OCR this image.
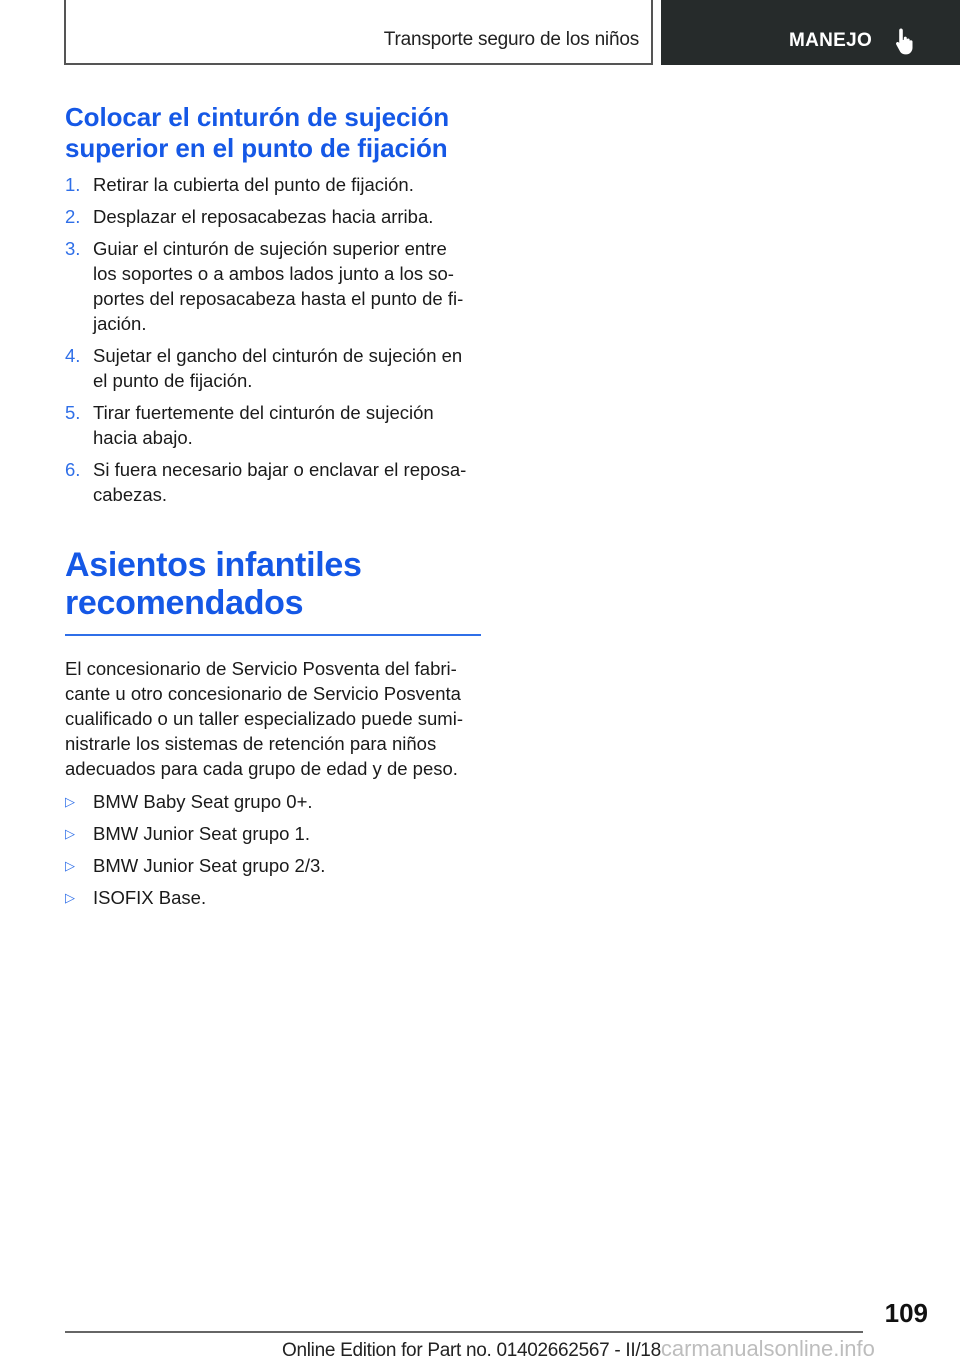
Transporte seguro de los niños	MANEJO
Colocar el cinturón de sujeción
superior en el punto de fijación
1. Retirar la cubierta del punto de fijación.
2. Desplazar el reposacabezas hacia arriba.
3. Guiar el cinturón de sujeción superior entre
los soportes o a ambos lados junto a los so-
portes del reposacabeza hasta el punto de fi-
jación.
4. Sujetar el gancho del cinturón de sujeción en
el punto de fijación.
5. Tirar fuertemente del cinturón de sujeción
hacia abajo.
6. Si fuera necesario bajar o enclavar el reposa-
cabezas.
Asientos infantiles
recomendados

El concesionario de Servicio Posventa del fabri-
cante u otro concesionario de Servicio Posventa
cualificado o un taller especializado puede sumi-
nistrarle los sistemas de retención para niños
adecuados para cada grupo de edad y de peso.

▷ BMW Baby Seat grupo 0+.
▷ BMW Junior Seat grupo 1.
▷ BMW Junior Seat grupo 2/3.
▷ ISOFIX Base.
109
Online Edition for Part no. 01402662567 - II/18carmanualsonline.info
